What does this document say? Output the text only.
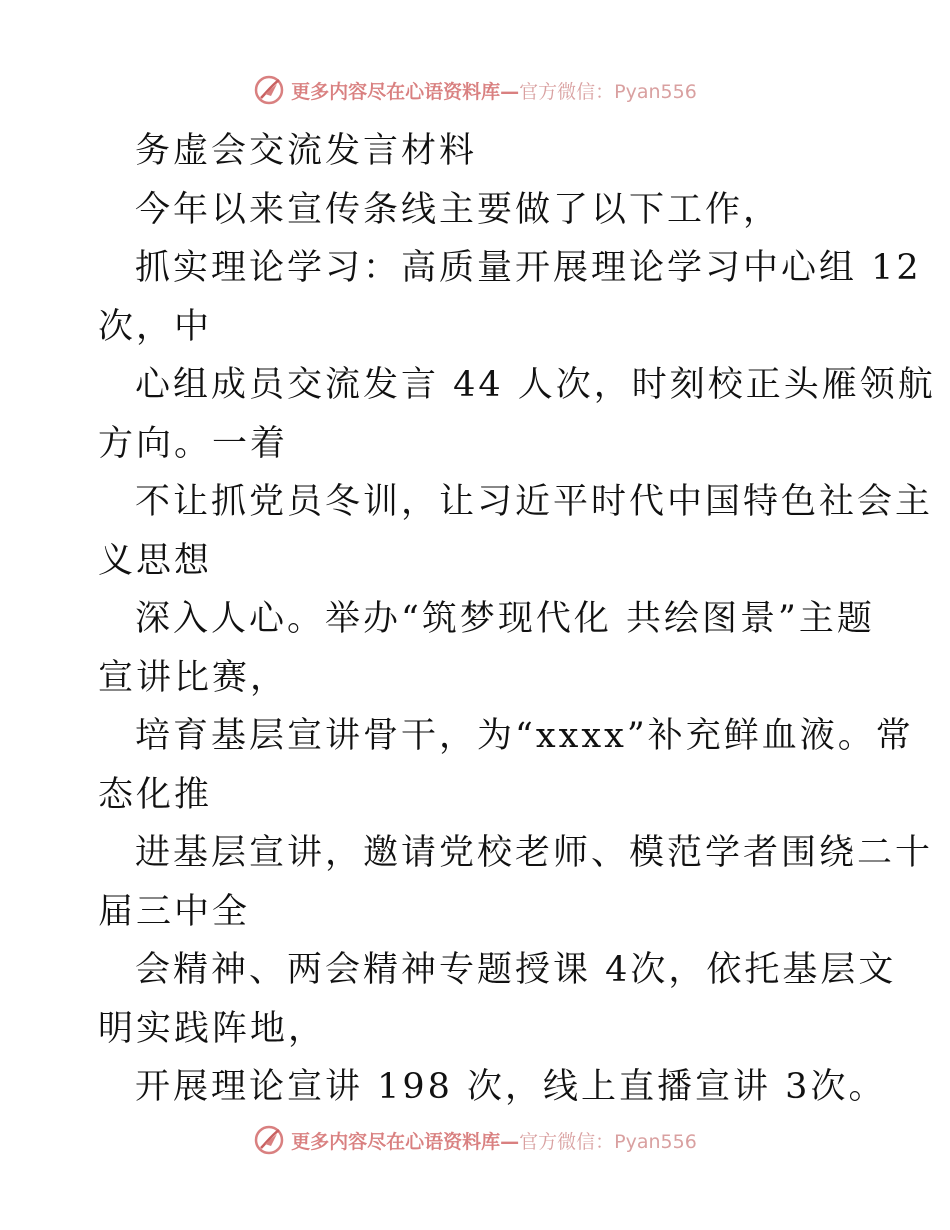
更多内容尽在心语资料库— 官方微信：Pyan556
务虚会交流发言材料
今年以来宣传条线主要做了以下工作，
抓实理论学习：高质量开展理论学习中心组 12
次，中
心组成员交流发言 44 人次，时刻校正头雁领航
方向。一着
不让抓党员冬训，让习近平时代中国特色社会主
义思想
深入人心。举办“筑梦现代化 共绘图景”主题
宣讲比赛，
培育基层宣讲骨干，为“xxxx”补充鲜血液。常
态化推
进基层宣讲，邀请党校老师、模范学者围绕二十
届三中全
会精神、两会精神专题授课 4次，依托基层文
明实践阵地，
开展理论宣讲 198 次，线上直播宣讲 3次。
更多内容尽在心语资料库— 官方微信：Pyan556
